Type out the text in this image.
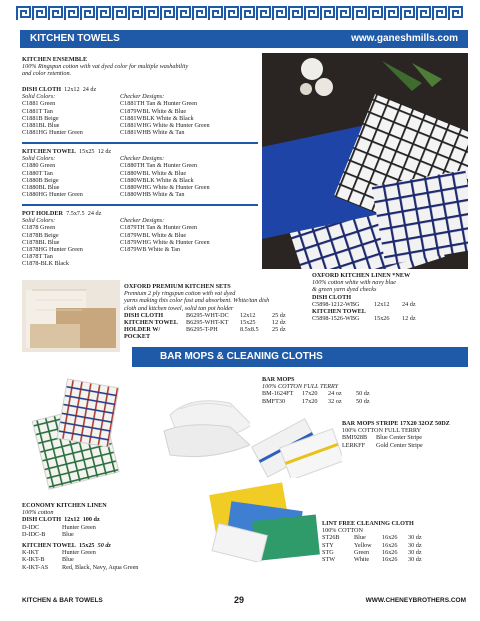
KITCHEN TOWELS	www.ganeshmills.com
KITCHEN ENSEMBLE
100% Ringspun cotton with vat dyed color for multiple washability
and color retention.
DISH CLOTH 12x12 24 dz
Solid Colors:
C1881 Green
C1881T Tan
C1881B Beige
C1881BL Blue
C1881HG Hunter Green
Checker Designs:
C1881TH Tan & Hunter Green
C1879WBL White & Blue
C1881WBLK White & Black
C1881WHG White & Hunter Green
C1881WHB White & Tan
KITCHEN TOWEL 15x25 12 dz
Solid Colors:
C1880 Green
C1880T Tan
C1880B Beige
C1880BL Blue
C1880HG Hunter Green
Checker Designs:
C1880TH Tan & Hunter Green
C1880WBL White & Blue
C1880WBLK White & Black
C1880WHG White & Hunter Green
C1880WHB White & Tan
POT HOLDER 7.5x7.5 24 dz
Solid Colors:
C1878 Green
C1878B Beige
C1878BL Blue
C1878HG Hunter Green
C1878T Tan
C1878-BLK Black
Checker Designs:
C1879TH Tan & Hunter Green
C1879WBL White & Blue
C1879WHG White & Hunter Green
C1879WB White & Tan
OXFORD KITCHEN LINEN *NEW
100% cotton white with navy blue
& green yarn dyed checks
DISH CLOTH
C5898-1212-WBG	12x12	24 dz
KITCHEN TOWEL
C5898-1526-WBG	15x26	12 dz
OXFORD PREMIUM KITCHEN SETS
Premium 2 ply ringspun cotton with vat dyed
yarns making this color fast and absorbent. White/tan dish
cloth and kitchen towel, solid tan pot holder
DISH CLOTH	B6295-WHT-DC	12x12	25 dz
KITCHEN TOWEL	B6295-WHT-KT	15x25	12 dz
HOLDER W/ POCKET
B6295-T-PH	8.5x8.5	25 dz
BAR MOPS & CLEANING CLOTHS
BAR MOPS
100% COTTON FULL TERRY
BM-1624FT	17x20	24 oz	50 dz
BMFT30	17x20	32 oz	50 dz
BAR MOPS STRIPE 17X20 32OZ 50DZ
100% COTTON FULL TERRY
BMI928B	Blue Center Stripe
LERKFF	Gold Center Stripe
ECONOMY KITCHEN LINEN
100% cotton
DISH CLOTH 12x12 100 dz
D-IDC	Hunter Green
D-IDC-B	Blue
KITCHEN TOWEL 15x25 50 dz
K-IKT	Hunter Green
K-IKT-B	Blue
K-IKT-AS	Red, Black, Navy, Aqua Green
LINT FREE CLEANING CLOTH
100% COTTON
ST26B	Blue	16x26	30 dz
STY	Yellow	16x26	30 dz
STG	Green	16x26	30 dz
STW	White	16x26	30 dz
KITCHEN & BAR TOWELS	29	WWW.CHENEYBROTHERS.COM
